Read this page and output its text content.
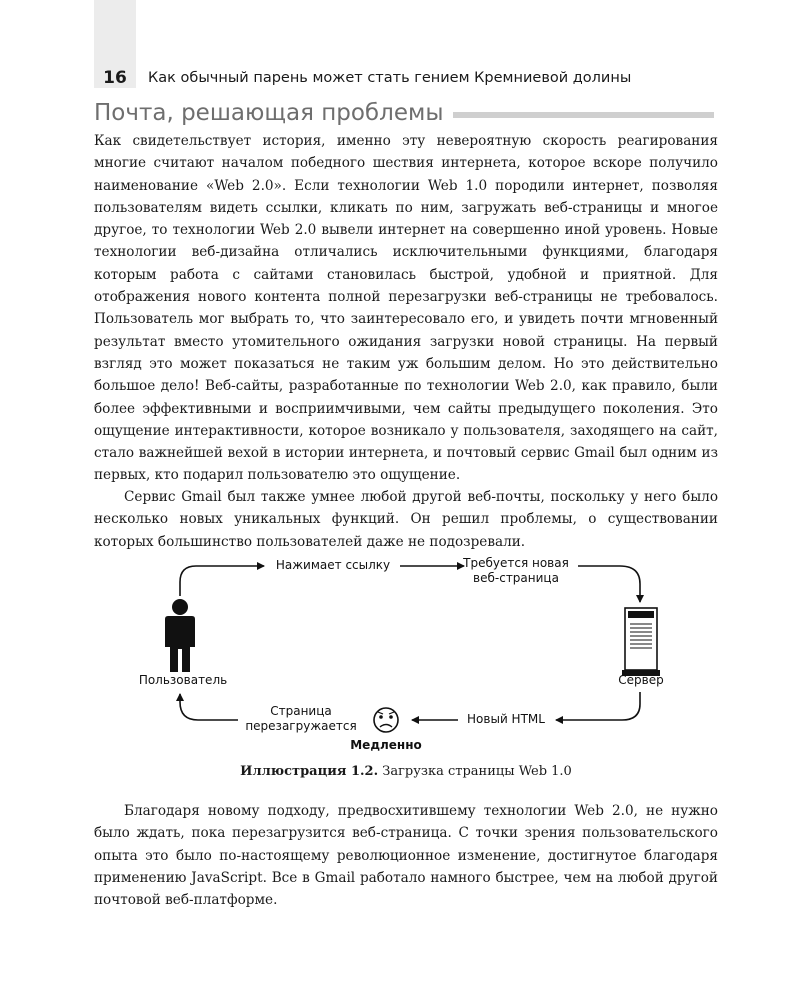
16	Как обычный парень может стать гением Кремниевой долины
Почта, решающая проблемы

Как свидетельствует история, именно эту невероятную скорость реагирования многие считают началом победного шествия интернета, которое вскоре получило наименование «Web 2.0». Если технологии Web 1.0 породили интернет, позволяя пользователям видеть ссылки, кликать по ним, загружать веб-страницы и многое другое, то технологии Web 2.0 вывели интернет на совершенно иной уровень. Новые технологии веб-дизайна отличались исключительными функциями, благодаря которым работа с сайтами становилась быстрой, удобной и приятной. Для отображения нового контента полной перезагрузки веб-страницы не требовалось. Пользователь мог выбрать то, что заинтересовало его, и увидеть почти мгновенный результат вместо утомительного ожидания загрузки новой страницы. На первый взгляд это может показаться не таким уж большим делом. Но это действительно большое дело! Веб-сайты, разработанные по технологии Web 2.0, как правило, были более эффективными и восприимчивыми, чем сайты предыдущего поколения. Это ощущение интерактивности, которое возникало у пользователя, заходящего на сайт, стало важнейшей вехой в истории интернета, и почтовый сервис Gmail был одним из первых, кто подарил пользователю это ощущение.

Сервис Gmail был также умнее любой другой веб-почты, поскольку у него было несколько новых уникальных функций. Он решил проблемы, о существовании которых большинство пользователей даже не подозревали.

Нажимает ссылку	Требуется новая
веб-страница
Пользователь	Сервер
Новый HTML
Страница
перезагружается
Медленно
Иллюстрация 1.2. Загрузка страницы Web 1.0

Благодаря новому подходу, предвосхитившему технологии Web 2.0, не нужно было ждать, пока перезагрузится веб-страница. С точки зрения пользовательского опыта это было по-настоящему революционное изменение, достигнутое благодаря применению JavaScript. Все в Gmail работало намного быстрее, чем на любой другой почтовой веб-платформе.
